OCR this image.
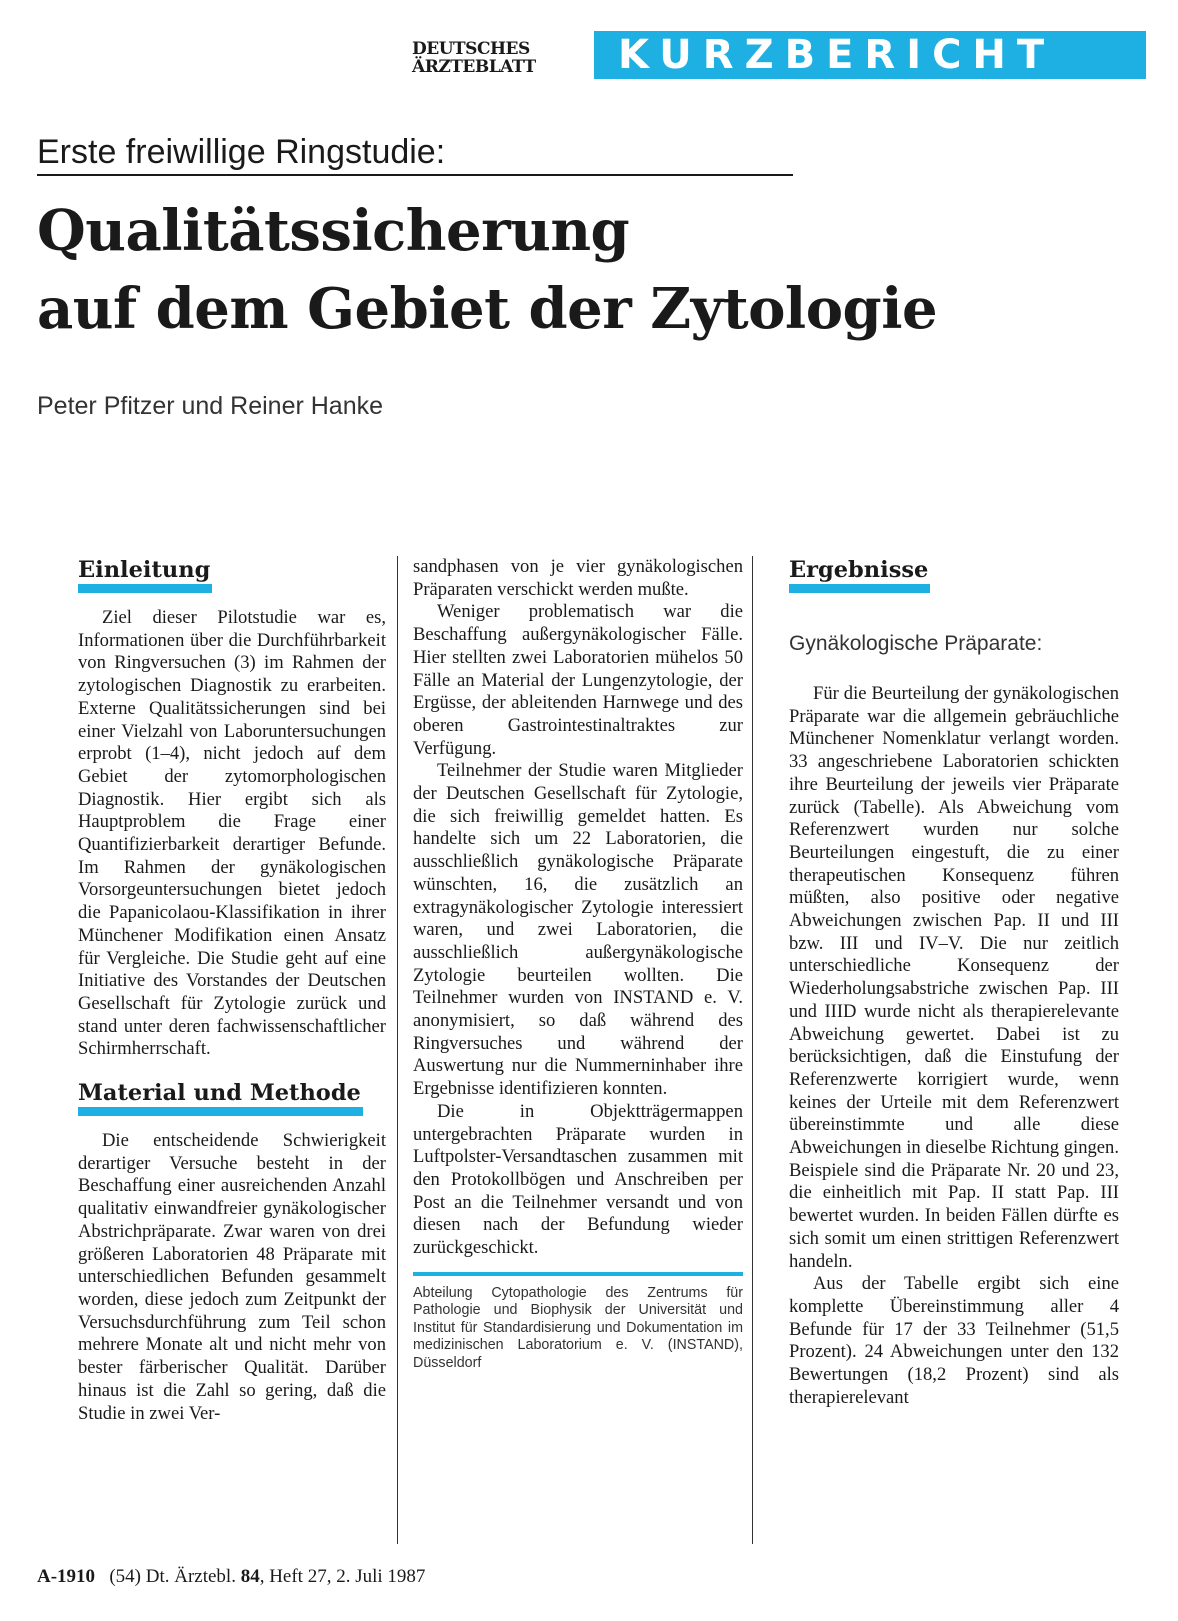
DEUTSCHES
ÄRZTEBLATT	KURZBERICHT
Erste freiwillige Ringstudie:
Qualitätssicherung
auf dem Gebiet der Zytologie
Peter Pfitzer und Reiner Hanke
Einleitung

Ziel dieser Pilotstudie war es, Informationen über die Durchführbarkeit von Ringversuchen (3) im Rahmen der zytologischen Diagnostik zu erarbeiten. Externe Qualitätssicherungen sind bei einer Vielzahl von Laboruntersuchungen erprobt (1–4), nicht jedoch auf dem Gebiet der zytomorphologischen Diagnostik. Hier ergibt sich als Hauptproblem die Frage einer Quantifizierbarkeit derartiger Befunde. Im Rahmen der gynäkologischen Vorsorgeuntersuchungen bietet jedoch die Papanicolaou-Klassifikation in ihrer Münchener Modifikation einen Ansatz für Vergleiche. Die Studie geht auf eine Initiative des Vorstandes der Deutschen Gesellschaft für Zytologie zurück und stand unter deren fachwissenschaftlicher Schirmherrschaft.

Material und Methode

Die entscheidende Schwierigkeit derartiger Versuche besteht in der Beschaffung einer ausreichenden Anzahl qualitativ einwandfreier gynäkologischer Abstrichpräparate. Zwar waren von drei größeren Laboratorien 48 Präparate mit unterschiedlichen Befunden gesammelt worden, diese jedoch zum Zeitpunkt der Versuchsdurchführung zum Teil schon mehrere Monate alt und nicht mehr von bester färberischer Qualität. Darüber hinaus ist die Zahl so gering, daß die Studie in zwei Ver-

sandphasen von je vier gynäkologischen Präparaten verschickt werden mußte.

Weniger problematisch war die Beschaffung außergynäkologischer Fälle. Hier stellten zwei Laboratorien mühelos 50 Fälle an Material der Lungenzytologie, der Ergüsse, der ableitenden Harnwege und des oberen Gastrointestinaltraktes zur Verfügung.

Teilnehmer der Studie waren Mitglieder der Deutschen Gesellschaft für Zytologie, die sich freiwillig gemeldet hatten. Es handelte sich um 22 Laboratorien, die ausschließlich gynäkologische Präparate wünschten, 16, die zusätzlich an extragynäkologischer Zytologie interessiert waren, und zwei Laboratorien, die ausschließlich außergynäkologische Zytologie beurteilen wollten. Die Teilnehmer wurden von INSTAND e. V. anonymisiert, so daß während des Ringversuches und während der Auswertung nur die Nummerninhaber ihre Ergebnisse identifizieren konnten.

Die in Objektträgermappen untergebrachten Präparate wurden in Luftpolster-Versandtaschen zusammen mit den Protokollbögen und Anschreiben per Post an die Teilnehmer versandt und von diesen nach der Befundung wieder zurückgeschickt.

Abteilung Cytopathologie des Zentrums für Pathologie und Biophysik der Universität und Institut für Standardisierung und Dokumentation im medizinischen Laboratorium e. V. (INSTAND), Düsseldorf
Ergebnisse
Gynäkologische Präparate:

Für die Beurteilung der gynäkologischen Präparate war die allgemein gebräuchliche Münchener Nomenklatur verlangt worden. 33 angeschriebene Laboratorien schickten ihre Beurteilung der jeweils vier Präparate zurück (Tabelle). Als Abweichung vom Referenzwert wurden nur solche Beurteilungen eingestuft, die zu einer therapeutischen Konsequenz führen müßten, also positive oder negative Abweichungen zwischen Pap. II und III bzw. III und IV–V. Die nur zeitlich unterschiedliche Konsequenz der Wiederholungsabstriche zwischen Pap. III und IIID wurde nicht als therapierelevante Abweichung gewertet. Dabei ist zu berücksichtigen, daß die Einstufung der Referenzwerte korrigiert wurde, wenn keines der Urteile mit dem Referenzwert übereinstimmte und alle diese Abweichungen in dieselbe Richtung gingen. Beispiele sind die Präparate Nr. 20 und 23, die einheitlich mit Pap. II statt Pap. III bewertet wurden. In beiden Fällen dürfte es sich somit um einen strittigen Referenzwert handeln.

Aus der Tabelle ergibt sich eine komplette Übereinstimmung aller 4 Befunde für 17 der 33 Teilnehmer (51,5 Prozent). 24 Abweichungen unter den 132 Bewertungen (18,2 Prozent) sind als therapierelevant

A-1910 (54) Dt. Ärztebl. 84, Heft 27, 2. Juli 1987
